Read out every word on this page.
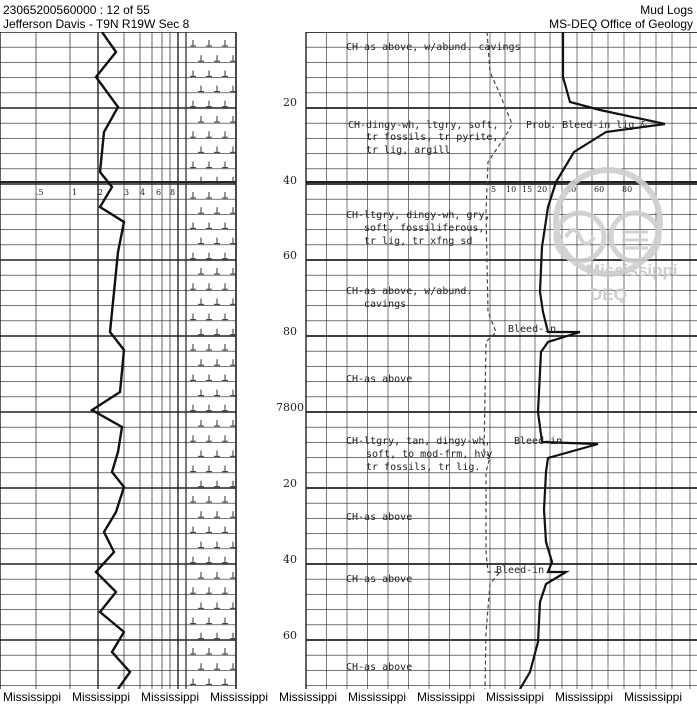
23065200560000 : 12 of 55
Jefferson Davis - T9N R19W Sec 8
Mud Logs
MS-DEQ Office of Geology
20
40
60
80
7800
20
40
60
.5	1	2	3 4 6 8	5 10 15 20 40 60 80
CH-as above, w/abund. cavings
CH-dingy-wh, ltgry, soft,
tr fossils, tr pyrite,
tr lig, argill
CH-ltgry, dingy-wh, gry,
soft, fossiliferous,
tr lig, tr xfng sd
CH-as above, w/abund.
cavings
CH-as above
CH-ltgry, tan, dingy-wh,
soft, to mod-frm, hvy
tr fossils, tr lig.
CH-as above
CH-as above
CH-as above
Prob. Bleed-in lig &
Bleed-in
Bleed-in
Bleed-in
Mississippi
DEQ
Mississippi Mississippi Mississippi Mississippi Mississippi Mississippi Mississippi Mississippi Mississippi Mississippi
